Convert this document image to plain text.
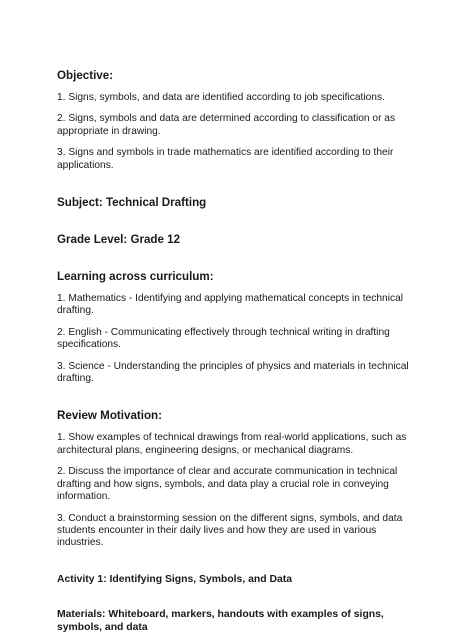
Objective:

1. Signs, symbols, and data are identified according to job specifications.

2. Signs, symbols and data are determined according to classification or as appropriate in drawing.

3. Signs and symbols in trade mathematics are identified according to their applications.

Subject: Technical Drafting

Grade Level: Grade 12

Learning across curriculum:

1. Mathematics - Identifying and applying mathematical concepts in technical drafting.

2. English - Communicating effectively through technical writing in drafting specifications.

3. Science - Understanding the principles of physics and materials in technical drafting.

Review Motivation:

1. Show examples of technical drawings from real-world applications, such as architectural plans, engineering designs, or mechanical diagrams.

2. Discuss the importance of clear and accurate communication in technical drafting and how signs, symbols, and data play a crucial role in conveying information.

3. Conduct a brainstorming session on the different signs, symbols, and data students encounter in their daily lives and how they are used in various industries.

Activity 1: Identifying Signs, Symbols, and Data

Materials: Whiteboard, markers, handouts with examples of signs, symbols, and data
